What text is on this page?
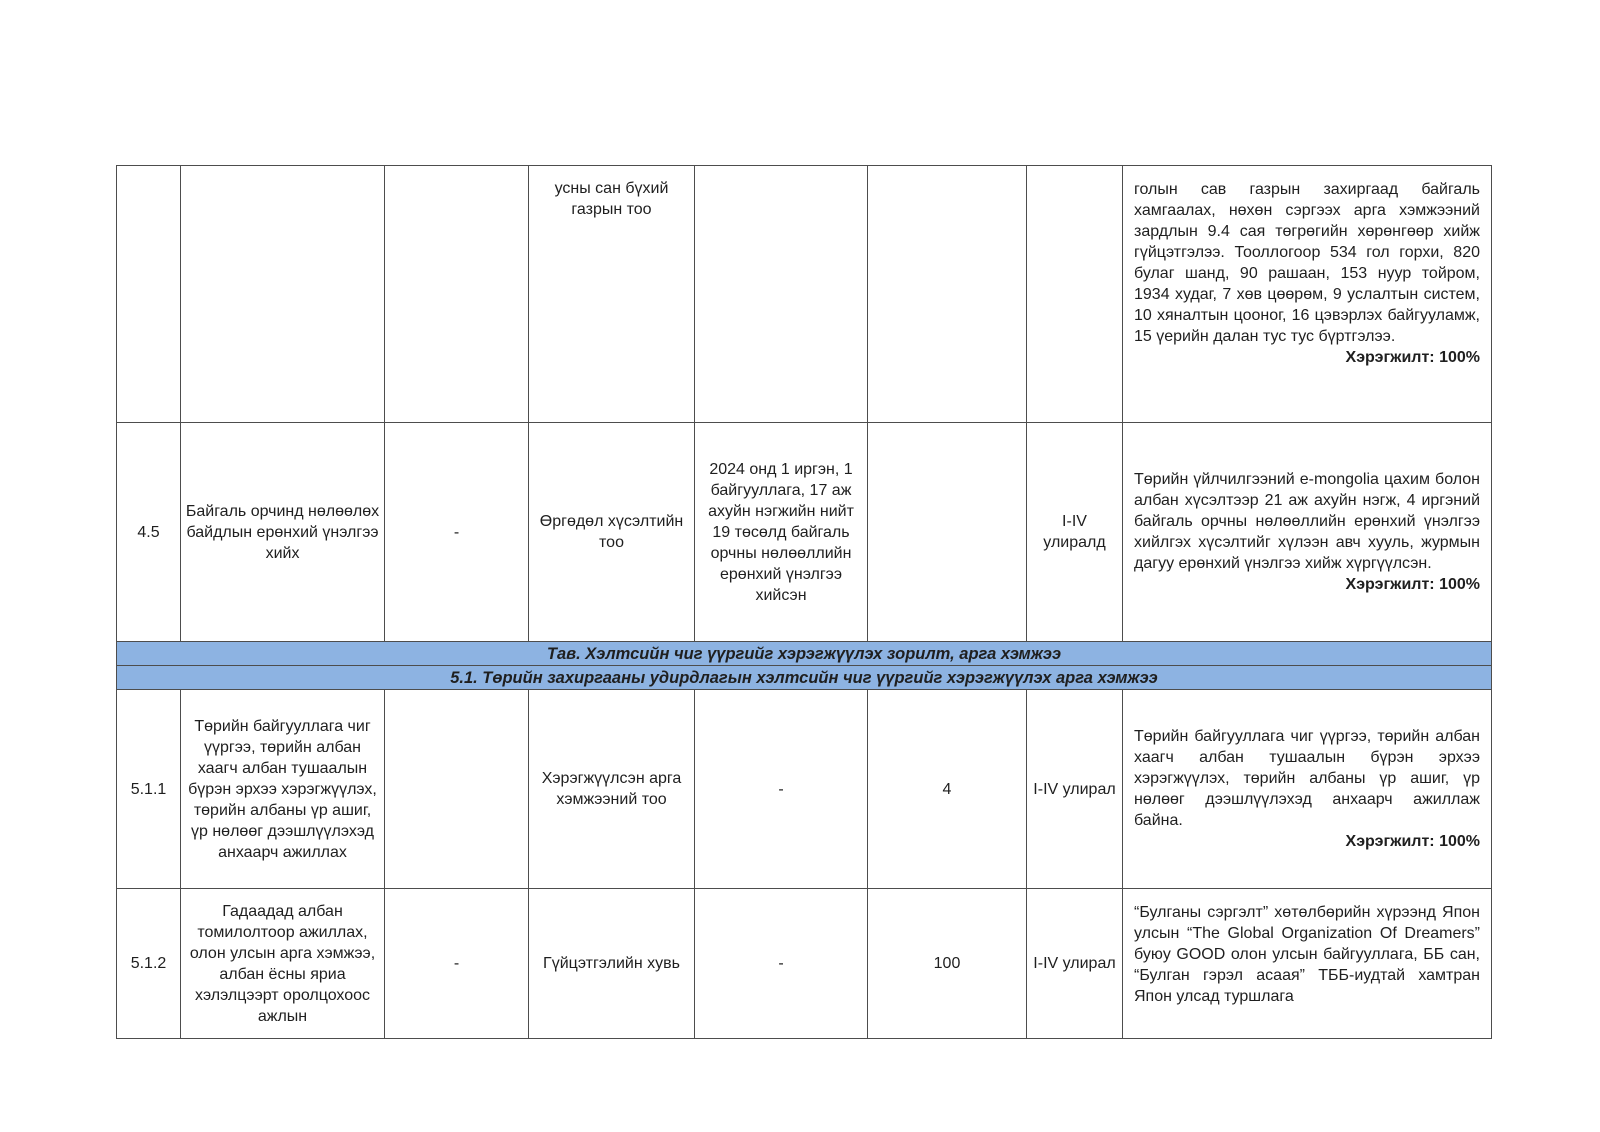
			усны сан бүхий газрын тоо				голын сав газрын захиргаад байгаль хамгаалах, нөхөн сэргээх арга хэмжээний зардлын 9.4 сая төгрөгийн хөрөнгөөр хийж гүйцэтгэлээ. Тооллогоор 534 гол горхи, 820 булаг шанд, 90 рашаан, 153 нуур тойром, 1934 худаг, 7 хөв цөөрөм, 9 услалтын систем, 10 хяналтын цооног, 16 цэвэрлэх байгууламж, 15 үерийн далан тус тус бүртгэлээ.
Хэрэгжилт: 100%

4.5	Байгаль орчинд нөлөөлөх байдлын ерөнхий үнэлгээ хийх	-	Өргөдөл хүсэлтийн тоо	2024 онд 1 иргэн, 1 байгууллага, 17 аж ахуйн нэгжийн нийт 19 төсөлд байгаль орчны нөлөөллийн ерөнхий үнэлгээ хийсэн		I-IV улиралд	Төрийн үйлчилгээний e-mongolia цахим болон албан хүсэлтээр 21 аж ахуйн нэгж, 4 иргэний байгаль орчны нөлөөллийн ерөнхий үнэлгээ хийлгэх хүсэлтийг хүлээн авч хууль, журмын дагуу ерөнхий үнэлгээ хийж хүргүүлсэн.
Хэрэгжилт: 100%

Тав. Хэлтсийн чиг үүргийг хэрэгжүүлэх зорилт, арга хэмжээ							
5.1. Төрийн захиргааны удирдлагын хэлтсийн чиг үүргийг хэрэгжүүлэх арга хэмжээ							
5.1.1	Төрийн байгууллага чиг үүргээ, төрийн албан хаагч албан тушаалын бүрэн эрхээ хэрэгжүүлэх, төрийн албаны үр ашиг, үр нөлөөг дээшлүүлэхэд анхаарч ажиллах		Хэрэгжүүлсэн арга хэмжээний тоо	-	4	I-IV улирал	Төрийн байгууллага чиг үүргээ, төрийн албан хаагч албан тушаалын бүрэн эрхээ хэрэгжүүлэх, төрийн албаны үр ашиг, үр нөлөөг дээшлүүлэхэд анхаарч ажиллаж байна.
Хэрэгжилт: 100%

5.1.2	Гадаадад албан томилолтоор ажиллах, олон улсын арга хэмжээ, албан ёсны яриа хэлэлцээрт оролцохоос ажлын	-	Гүйцэтгэлийн хувь	-	100	I-IV улирал	“Булганы сэргэлт” хөтөлбөрийн хүрээнд Япон улсын “The Global Organization Of Dreamers” буюу GOOD олон улсын байгууллага, ББ сан, “Булган гэрэл асаая” ТББ-иудтай хамтран Япон улсад туршлага
